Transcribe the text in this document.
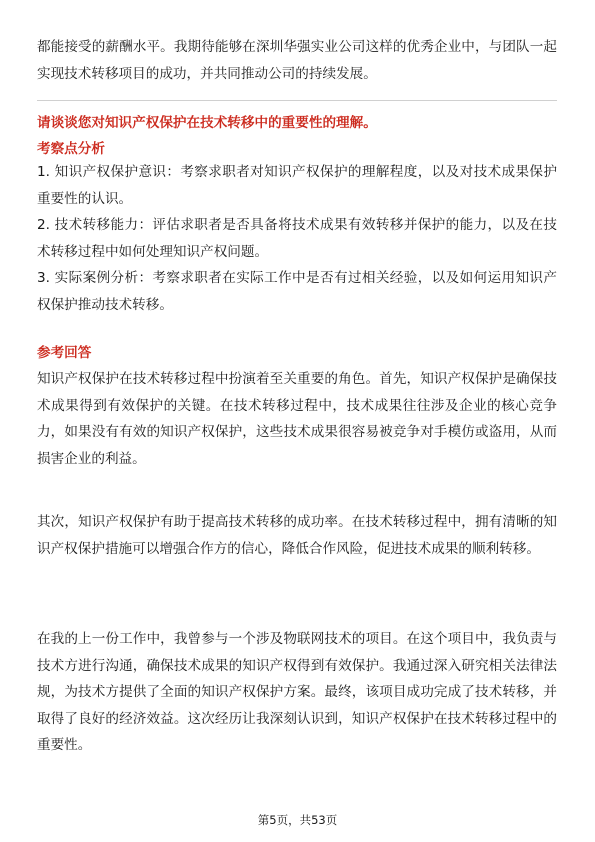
都能接受的薪酬水平。我期待能够在深圳华强实业公司这样的优秀企业中，与团队一起实现技术转移项目的成功，并共同推动公司的持续发展。

请谈谈您对知识产权保护在技术转移中的重要性的理解。

考察点分析

1. 知识产权保护意识：考察求职者对知识产权保护的理解程度，以及对技术成果保护重要性的认识。

2. 技术转移能力：评估求职者是否具备将技术成果有效转移并保护的能力，以及在技术转移过程中如何处理知识产权问题。

3. 实际案例分析：考察求职者在实际工作中是否有过相关经验，以及如何运用知识产权保护推动技术转移。

参考回答

知识产权保护在技术转移过程中扮演着至关重要的角色。首先，知识产权保护是确保技术成果得到有效保护的关键。在技术转移过程中，技术成果往往涉及企业的核心竞争力，如果没有有效的知识产权保护，这些技术成果很容易被竞争对手模仿或盗用，从而损害企业的利益。

其次，知识产权保护有助于提高技术转移的成功率。在技术转移过程中，拥有清晰的知识产权保护措施可以增强合作方的信心，降低合作风险，促进技术成果的顺利转移。

在我的上一份工作中，我曾参与一个涉及物联网技术的项目。在这个项目中，我负责与技术方进行沟通，确保技术成果的知识产权得到有效保护。我通过深入研究相关法律法规，为技术方提供了全面的知识产权保护方案。最终，该项目成功完成了技术转移，并取得了良好的经济效益。这次经历让我深刻认识到，知识产权保护在技术转移过程中的重要性。

第5页，共53页
